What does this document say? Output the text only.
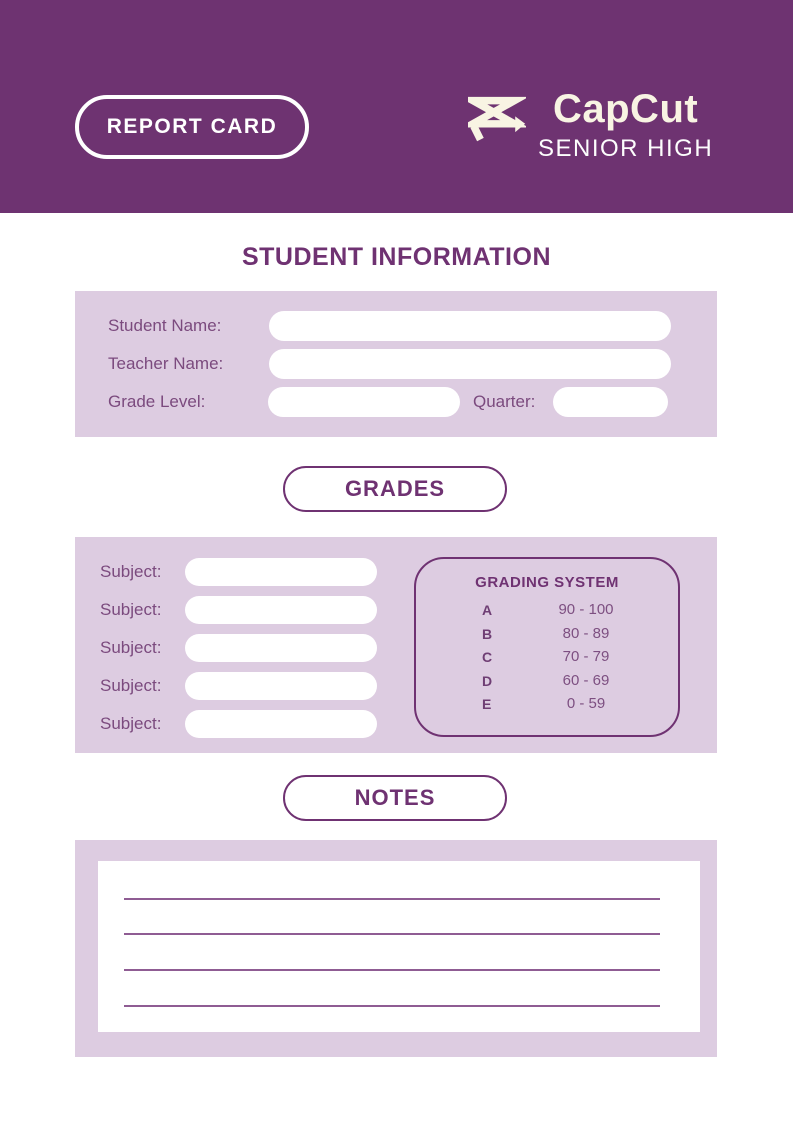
REPORT CARD	CapCut
SENIOR HIGH
STUDENT INFORMATION
Student Name:
Teacher Name:
Grade Level:	Quarter:
GRADES
Subject:
Subject:
Subject:
Subject:
Subject:
GRADING SYSTEM
A	90 - 100
B	80 - 89
C	70 - 79
D	60 - 69
E	0 - 59
NOTES
